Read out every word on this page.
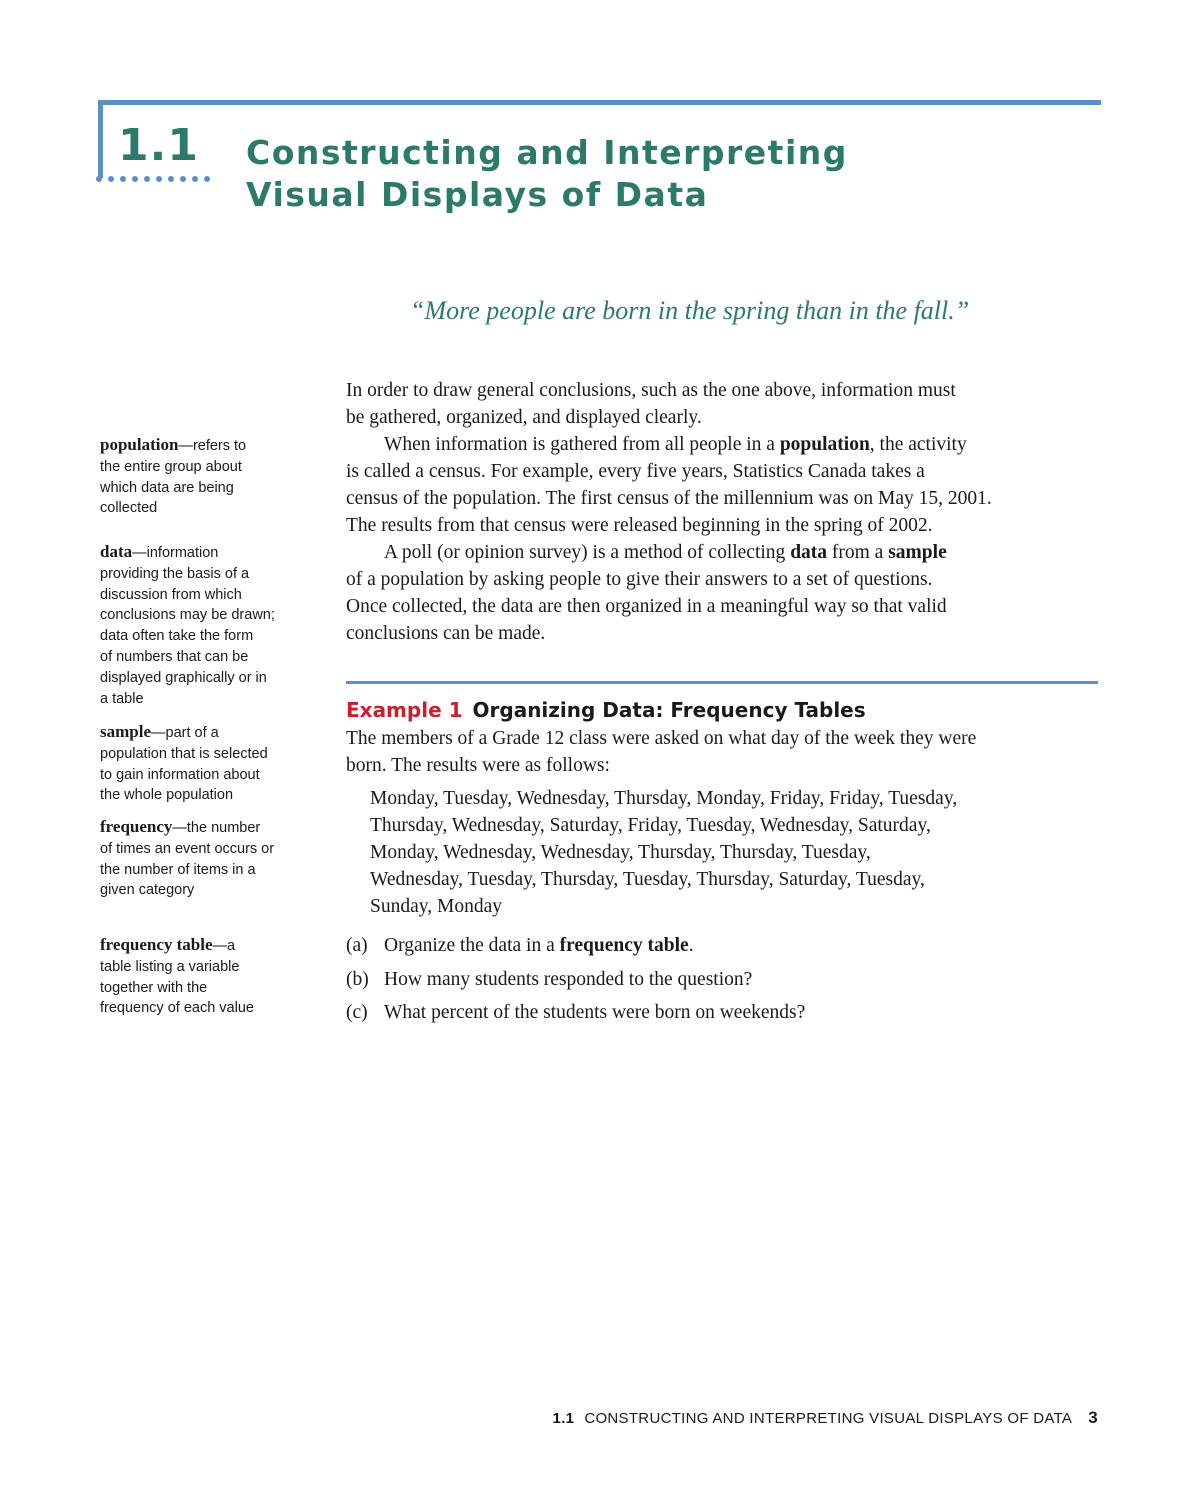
1.1 Constructing and Interpreting
Visual Displays of Data
“More people are born in the spring than in the fall.”
population—refers to
the entire group about
which data are being
collected
data—information
providing the basis of a
discussion from which
conclusions may be drawn;
data often take the form
of numbers that can be
displayed graphically or in
a table
sample—part of a
population that is selected
to gain information about
the whole population
frequency—the number
of times an event occurs or
the number of items in a
given category
frequency table—a
table listing a variable
together with the
frequency of each value
In order to draw general conclusions, such as the one above, information must
be gathered, organized, and displayed clearly.
When information is gathered from all people in a population, the activity
is called a census. For example, every five years, Statistics Canada takes a
census of the population. The first census of the millennium was on May 15, 2001.
The results from that census were released beginning in the spring of 2002.
A poll (or opinion survey) is a method of collecting data from a sample
of a population by asking people to give their answers to a set of questions.
Once collected, the data are then organized in a meaningful way so that valid
conclusions can be made.
Example 1 Organizing Data: Frequency Tables
The members of a Grade 12 class were asked on what day of the week they were
born. The results were as follows:
Monday, Tuesday, Wednesday, Thursday, Monday, Friday, Friday, Tuesday,
Thursday, Wednesday, Saturday, Friday, Tuesday, Wednesday, Saturday,
Monday, Wednesday, Wednesday, Thursday, Thursday, Tuesday,
Wednesday, Tuesday, Thursday, Tuesday, Thursday, Saturday, Tuesday,
Sunday, Monday
(a) Organize the data in a frequency table.
(b) How many students responded to the question?
(c) What percent of the students were born on weekends?
1.1 CONSTRUCTING AND INTERPRETING VISUAL DISPLAYS OF DATA 3
